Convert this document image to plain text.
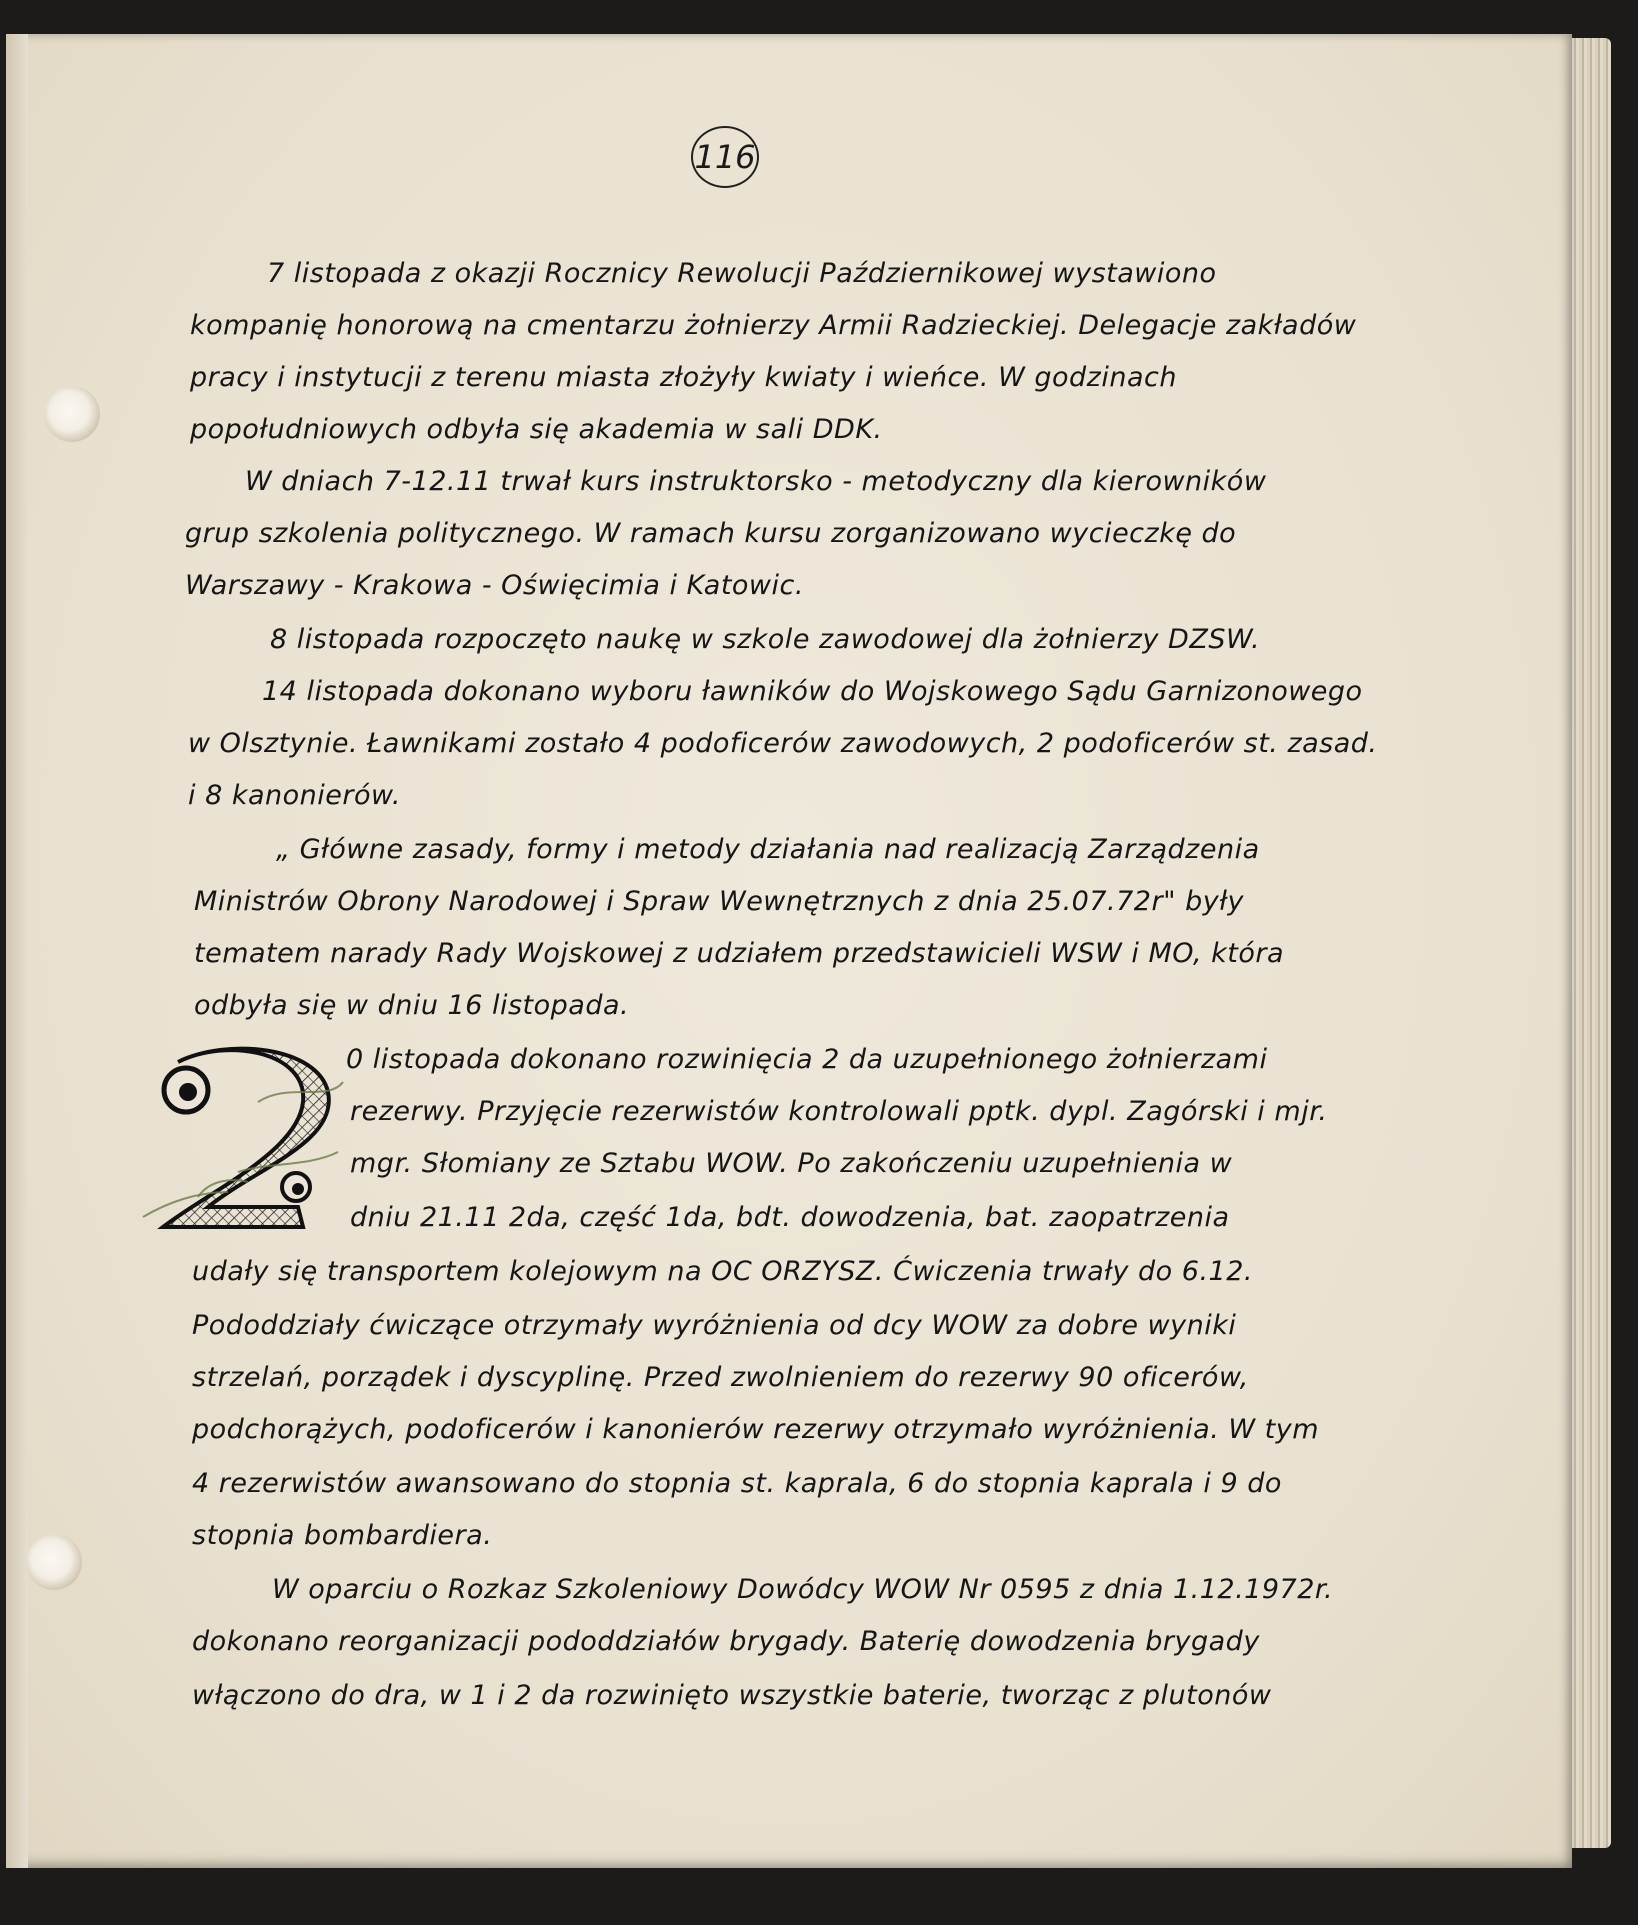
116
7 listopada z okazji Rocznicy Rewolucji Październikowej wystawiono
kompanię honorową na cmentarzu żołnierzy Armii Radzieckiej. Delegacje zakładów
pracy i instytucji z terenu miasta złożyły kwiaty i wieńce. W godzinach
popołudniowych odbyła się akademia w sali DDK.
W dniach 7-12.11 trwał kurs instruktorsko - metodyczny dla kierowników
grup szkolenia politycznego. W ramach kursu zorganizowano wycieczkę do
Warszawy - Krakowa - Oświęcimia i Katowic.
8 listopada rozpoczęto naukę w szkole zawodowej dla żołnierzy DZSW.
14 listopada dokonano wyboru ławników do Wojskowego Sądu Garnizonowego
w Olsztynie. Ławnikami zostało 4 podoficerów zawodowych, 2 podoficerów st. zasad.
i 8 kanonierów.
„ Główne zasady, formy i metody działania nad realizacją Zarządzenia
Ministrów Obrony Narodowej i Spraw Wewnętrznych z dnia 25.07.72r" były
tematem narady Rady Wojskowej z udziałem przedstawicieli WSW i MO, która
odbyła się w dniu 16 listopada.
0 listopada dokonano rozwinięcia 2 dа uzupełnionego żołnierzami
rezerwy. Przyjęcie rezerwistów kontrolowali pptk. dypl. Zagórski i mjr.
mgr. Słomiany ze Sztabu WOW. Po zakończeniu uzupełnienia w
dniu 21.11 2da, część 1da, bdt. dowodzenia, bat. zaopatrzenia
udały się transportem kolejowym na OC ORZYSZ. Ćwiczenia trwały do 6.12.
Pododdziały ćwiczące otrzymały wyróżnienia od dcy WOW za dobre wyniki
strzelań, porządek i dyscyplinę. Przed zwolnieniem do rezerwy 90 oficerów,
podchorążych, podoficerów i kanonierów rezerwy otrzymało wyróżnienia. W tym
4 rezerwistów awansowano do stopnia st. kaprala, 6 do stopnia kaprala i 9 do
stopnia bombardiera.
W oparciu o Rozkaz Szkoleniowy Dowódcy WOW Nr 0595 z dnia 1.12.1972r.
dokonano reorganizacji pododdziałów brygady. Baterię dowodzenia brygady
włączono do dra, w 1 i 2 da rozwinięto wszystkie baterie, tworząc z plutonów
